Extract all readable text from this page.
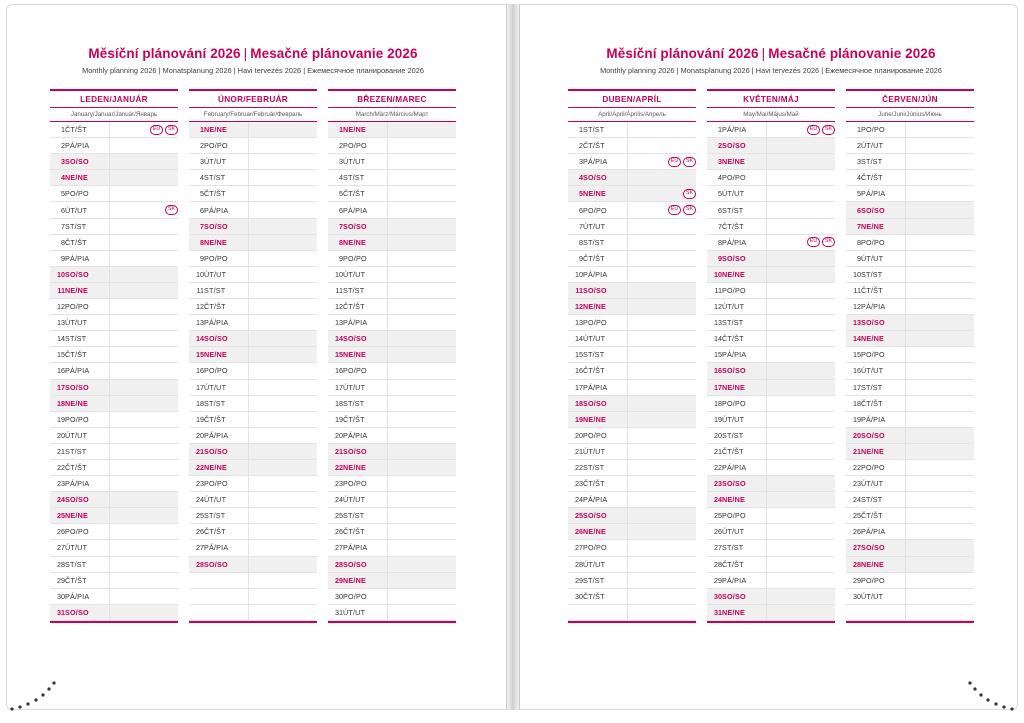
Měsíční plánování 2026 | Mesačné plánovanie 2026
Monthly planning 2026 | Monatsplanung 2026 | Havi tervezés 2026 | Ежемесячное планирование 2026
LEDEN/JANUÁR
January/Januar/Január/Январь
1	ČT/ŠT	EU SK

2	PÁ/PIA	
3	SO/SO	
4	NE/NE	
5	PO/PO	
6	ÚT/UT	SK

7	ST/ST	
8	ČT/ŠT	
9	PÁ/PIA	
10	SO/SO	
11	NE/NE	
12	PO/PO	
13	ÚT/UT	
14	ST/ST	
15	ČT/ŠT	
16	PÁ/PIA	
17	SO/SO	
18	NE/NE	
19	PO/PO	
20	ÚT/UT	
21	ST/ST	
22	ČT/ŠT	
23	PÁ/PIA	
24	SO/SO	
25	NE/NE	
26	PO/PO	
27	ÚT/UT	
28	ST/ST	
29	ČT/ŠT	
30	PÁ/PIA	
31	SO/SO	
ÚNOR/FEBRUÁR
February/Februar/Február/Февраль
1	NE/NE	
2	PO/PO	
3	ÚT/UT	
4	ST/ST	
5	ČT/ŠT	
6	PÁ/PIA	
7	SO/SO	
8	NE/NE	
9	PO/PO	
10	ÚT/UT	
11	ST/ST	
12	ČT/ŠT	
13	PÁ/PIA	
14	SO/SO	
15	NE/NE	
16	PO/PO	
17	ÚT/UT	
18	ST/ST	
19	ČT/ŠT	
20	PÁ/PIA	
21	SO/SO	
22	NE/NE	
23	PO/PO	
24	ÚT/UT	
25	ST/ST	
26	ČT/ŠT	
27	PÁ/PIA	
28	SO/SO	

BŘEZEN/MAREC
March/März/Március/Март
1	NE/NE	
2	PO/PO	
3	ÚT/UT	
4	ST/ST	
5	ČT/ŠT	
6	PÁ/PIA	
7	SO/SO	
8	NE/NE	
9	PO/PO	
10	ÚT/UT	
11	ST/ST	
12	ČT/ŠT	
13	PÁ/PIA	
14	SO/SO	
15	NE/NE	
16	PO/PO	
17	ÚT/UT	
18	ST/ST	
19	ČT/ŠT	
20	PÁ/PIA	
21	SO/SO	
22	NE/NE	
23	PO/PO	
24	ÚT/UT	
25	ST/ST	
26	ČT/ŠT	
27	PÁ/PIA	
28	SO/SO	
29	NE/NE	
30	PO/PO	
31	ÚT/UT	
Měsíční plánování 2026 | Mesačné plánovanie 2026
Monthly planning 2026 | Monatsplanung 2026 | Havi tervezés 2026 | Ежемесячное планирование 2026
DUBEN/APRÍL
April/April/Április/Апрель
1	ST/ST	
2	ČT/ŠT	
3	PÁ/PIA	EU SK

4	SO/SO	
5	NE/NE	SK

6	PO/PO	EU SK

7	ÚT/UT	
8	ST/ST	
9	ČT/ŠT	
10	PÁ/PIA	
11	SO/SO	
12	NE/NE	
13	PO/PO	
14	ÚT/UT	
15	ST/ST	
16	ČT/ŠT	
17	PÁ/PIA	
18	SO/SO	
19	NE/NE	
20	PO/PO	
21	ÚT/UT	
22	ST/ST	
23	ČT/ŠT	
24	PÁ/PIA	
25	SO/SO	
26	NE/NE	
27	PO/PO	
28	ÚT/UT	
29	ST/ST	
30	ČT/ŠT	

KVĚTEN/MÁJ
May/Mai/Május/Май
1	PÁ/PIA	EU SK

2	SO/SO	
3	NE/NE	
4	PO/PO	
5	ÚT/UT	
6	ST/ST	
7	ČT/ŠT	
8	PÁ/PIA	EU SK

9	SO/SO	
10	NE/NE	
11	PO/PO	
12	ÚT/UT	
13	ST/ST	
14	ČT/ŠT	
15	PÁ/PIA	
16	SO/SO	
17	NE/NE	
18	PO/PO	
19	ÚT/UT	
20	ST/ST	
21	ČT/ŠT	
22	PÁ/PIA	
23	SO/SO	
24	NE/NE	
25	PO/PO	
26	ÚT/UT	
27	ST/ST	
28	ČT/ŠT	
29	PÁ/PIA	
30	SO/SO	
31	NE/NE	
ČERVEN/JÚN
June/Juni/Június/Июнь
1	PO/PO	
2	ÚT/UT	
3	ST/ST	
4	ČT/ŠT	
5	PÁ/PIA	
6	SO/SO	
7	NE/NE	
8	PO/PO	
9	ÚT/UT	
10	ST/ST	
11	ČT/ŠT	
12	PÁ/PIA	
13	SO/SO	
14	NE/NE	
15	PO/PO	
16	ÚT/UT	
17	ST/ST	
18	ČT/ŠT	
19	PÁ/PIA	
20	SO/SO	
21	NE/NE	
22	PO/PO	
23	ÚT/UT	
24	ST/ST	
25	ČT/ŠT	
26	PÁ/PIA	
27	SO/SO	
28	NE/NE	
29	PO/PO	
30	ÚT/UT	
